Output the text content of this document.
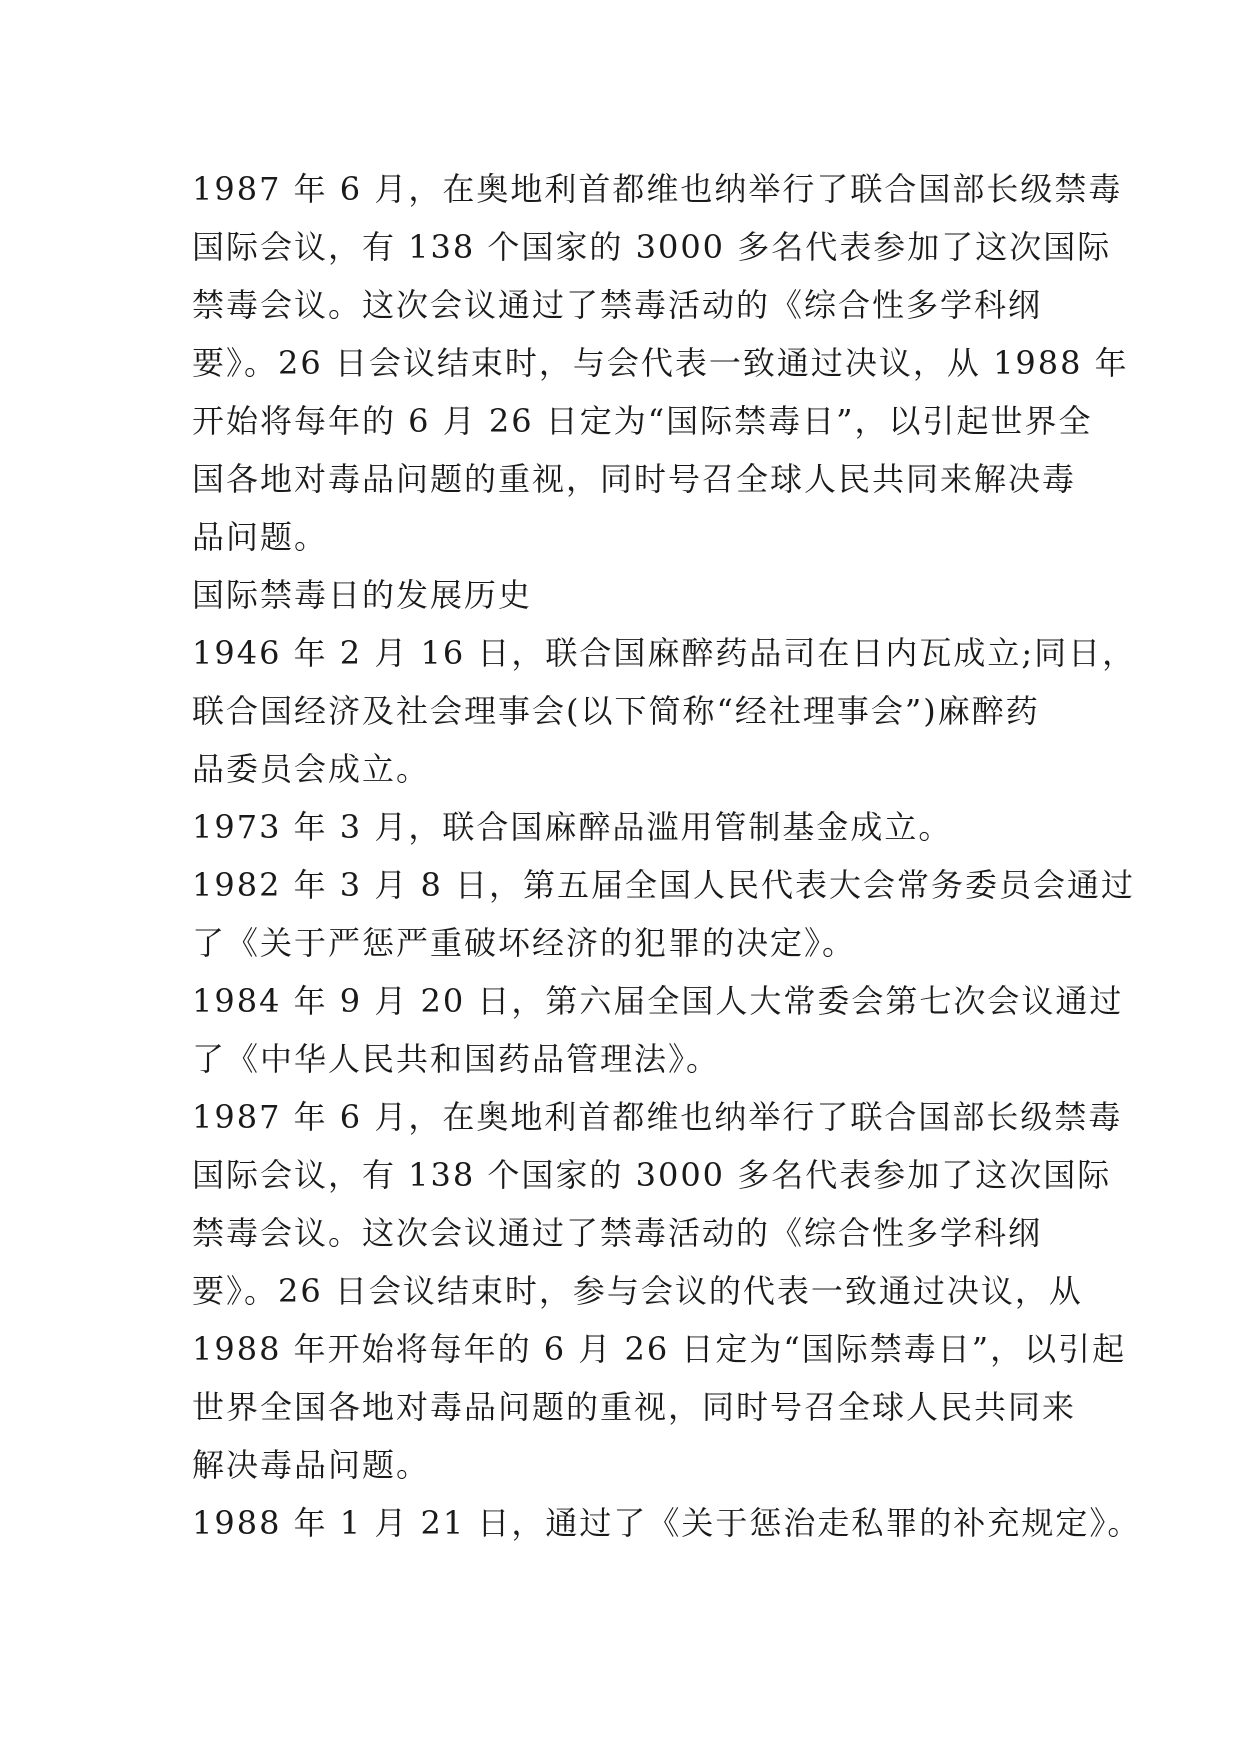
1987 年 6 月，在奥地利首都维也纳举行了联合国部长级禁毒
国际会议，有 138 个国家的 3000 多名代表参加了这次国际
禁毒会议。这次会议通过了禁毒活动的《综合性多学科纲
要》。26 日会议结束时，与会代表一致通过决议，从 1988 年
开始将每年的 6 月 26 日定为“国际禁毒日”，以引起世界全
国各地对毒品问题的重视，同时号召全球人民共同来解决毒
品问题。
国际禁毒日的发展历史
1946 年 2 月 16 日，联合国麻醉药品司在日内瓦成立;同日，
联合国经济及社会理事会(以下简称“经社理事会”)麻醉药
品委员会成立。
1973 年 3 月，联合国麻醉品滥用管制基金成立。
1982 年 3 月 8 日，第五届全国人民代表大会常务委员会通过
了《关于严惩严重破坏经济的犯罪的决定》。
1984 年 9 月 20 日，第六届全国人大常委会第七次会议通过
了《中华人民共和国药品管理法》。
1987 年 6 月，在奥地利首都维也纳举行了联合国部长级禁毒
国际会议，有 138 个国家的 3000 多名代表参加了这次国际
禁毒会议。这次会议通过了禁毒活动的《综合性多学科纲
要》。26 日会议结束时，参与会议的代表一致通过决议，从
1988 年开始将每年的 6 月 26 日定为“国际禁毒日”，以引起
世界全国各地对毒品问题的重视，同时号召全球人民共同来
解决毒品问题。
1988 年 1 月 21 日，通过了《关于惩治走私罪的补充规定》。
